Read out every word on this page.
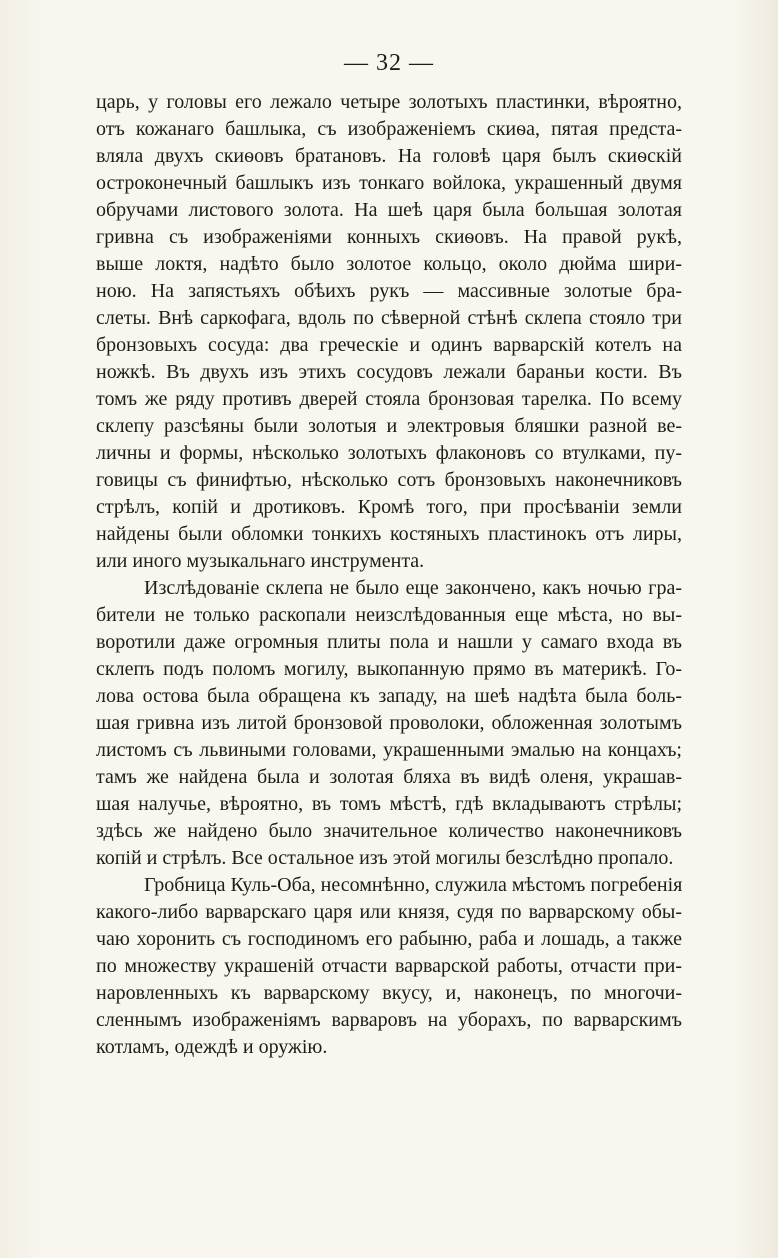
— 32 —
царь, у головы его лежало четыре золотыхъ пластинки, вѣроятно,
отъ кожанаго башлыка, съ изображеніемъ скиѳа, пятая предста-
вляла двухъ скиѳовъ братановъ. На головѣ царя былъ скиѳскій
остроконечный башлыкъ изъ тонкаго войлока, украшенный двумя
обручами листового золота. На шеѣ царя была большая золотая
гривна съ изображеніями конныхъ скиѳовъ. На правой рукѣ,
выше локтя, надѣто было золотое кольцо, около дюйма шири-
ною. На запястьяхъ обѣихъ рукъ — массивные золотые бра-
слеты. Внѣ саркофага, вдоль по сѣверной стѣнѣ склепа стояло три
бронзовыхъ сосуда: два греческіе и одинъ варварскій котелъ на
ножкѣ. Въ двухъ изъ этихъ сосудовъ лежали бараньи кости. Въ
томъ же ряду противъ дверей стояла бронзовая тарелка. По всему
склепу разсѣяны были золотыя и электровыя бляшки разной ве-
личны и формы, нѣсколько золотыхъ флаконовъ со втулками, пу-
говицы съ финифтью, нѣсколько сотъ бронзовыхъ наконечниковъ
стрѣлъ, копій и дротиковъ. Кромѣ того, при просѣваніи земли
найдены были обломки тонкихъ костяныхъ пластинокъ отъ лиры,
или иного музыкальнаго инструмента.
Изслѣдованіе склепа не было еще закончено, какъ ночью гра-
бители не только раскопали неизслѣдованныя еще мѣста, но вы-
воротили даже огромныя плиты пола и нашли у самаго входа въ
склепъ подъ поломъ могилу, выкопанную прямо въ материкѣ. Го-
лова остова была обращена къ западу, на шеѣ надѣта была боль-
шая гривна изъ литой бронзовой проволоки, обложенная золотымъ
листомъ съ львиными головами, украшенными эмалью на концахъ;
тамъ же найдена была и золотая бляха въ видѣ оленя, украшав-
шая налучье, вѣроятно, въ томъ мѣстѣ, гдѣ вкладываютъ стрѣлы;
здѣсь же найдено было значительное количество наконечниковъ
копій и стрѣлъ. Все остальное изъ этой могилы безслѣдно пропало.
Гробница Куль-Оба, несомнѣнно, служила мѣстомъ погребенія
какого-либо варварскаго царя или князя, судя по варварскому обы-
чаю хоронить съ господиномъ его рабыню, раба и лошадь, а также
по множеству украшеній отчасти варварской работы, отчасти при-
наровленныхъ къ варварскому вкусу, и, наконецъ, по многочи-
сленнымъ изображеніямъ варваровъ на уборахъ, по варварскимъ
котламъ, одеждѣ и оружію.
